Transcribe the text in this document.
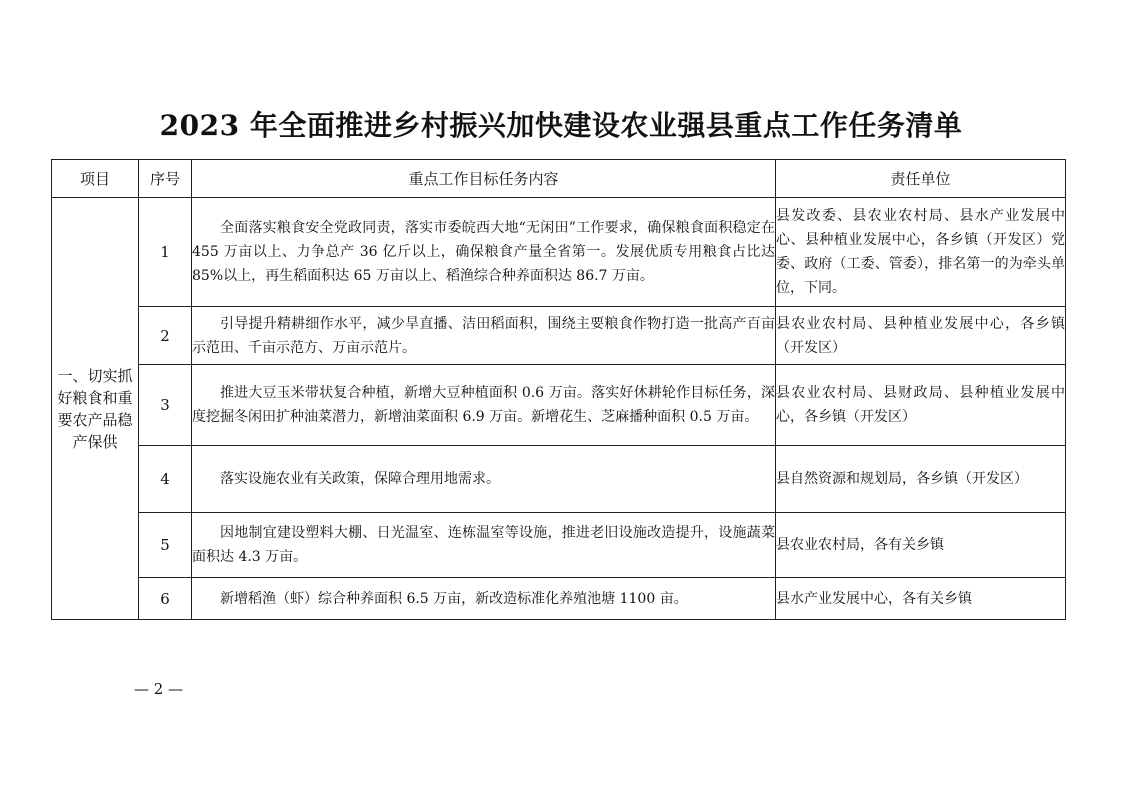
2023 年全面推进乡村振兴加快建设农业强县重点工作任务清单
项目	序号	重点工作目标任务内容	责任单位
一、切实抓好粮食和重要农产品稳产保供	1	全面落实粮食安全党政同责，落实市委皖西大地“无闲田”工作要求，确保粮食面积稳定在 455 万亩以上、力争总产 36 亿斤以上，确保粮食产量全省第一。发展优质专用粮食占比达 85%以上，再生稻面积达 65 万亩以上、稻渔综合种养面积达 86.7 万亩。	县发改委、县农业农村局、县水产业发展中心、县种植业发展中心，各乡镇（开发区）党委、政府（工委、管委），排名第一的为牵头单位，下同。
	2	引导提升精耕细作水平，减少旱直播、洁田稻面积，围绕主要粮食作物打造一批高产百亩示范田、千亩示范方、万亩示范片。	县农业农村局、县种植业发展中心，各乡镇（开发区）
	3	推进大豆玉米带状复合种植，新增大豆种植面积 0.6 万亩。落实好休耕轮作目标任务，深度挖掘冬闲田扩种油菜潜力，新增油菜面积 6.9 万亩。新增花生、芝麻播种面积 0.5 万亩。	县农业农村局、县财政局、县种植业发展中心，各乡镇（开发区）
	4	落实设施农业有关政策，保障合理用地需求。	县自然资源和规划局，各乡镇（开发区）
	5	因地制宜建设塑料大棚、日光温室、连栋温室等设施，推进老旧设施改造提升，设施蔬菜面积达 4.3 万亩。	县农业农村局，各有关乡镇
	6	新增稻渔（虾）综合种养面积 6.5 万亩，新改造标准化养殖池塘 1100 亩。	县水产业发展中心，各有关乡镇
— 2 —
